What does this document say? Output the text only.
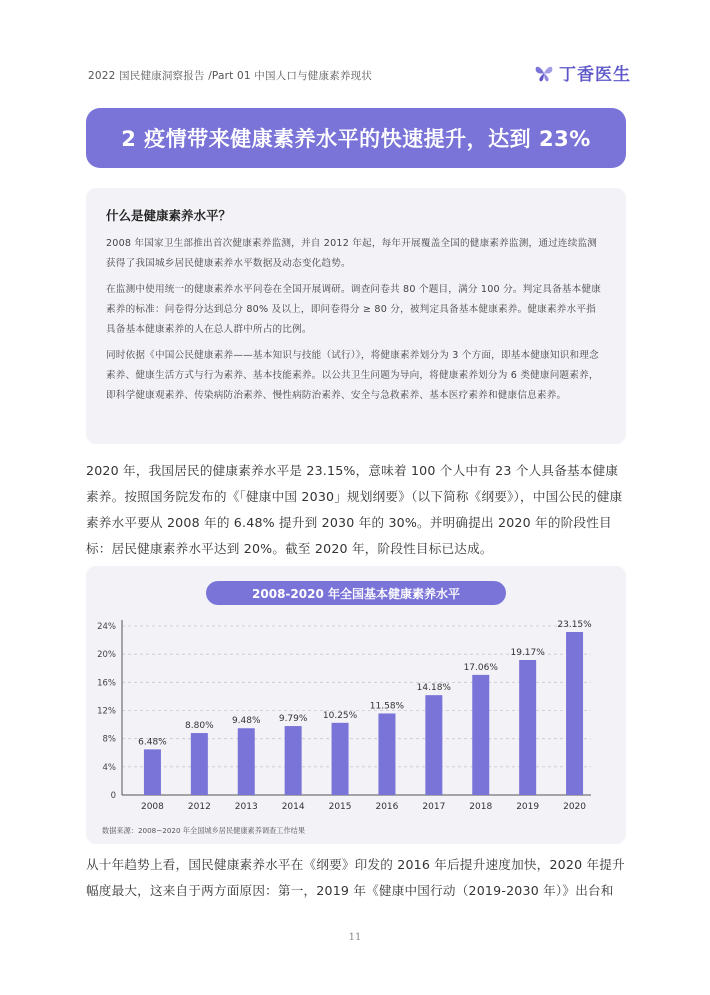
2022 国民健康洞察报告 /Part 01 中国人口与健康素养现状	丁香医生
2 疫情带来健康素养水平的快速提升，达到 23%
什么是健康素养水平？

2008 年国家卫生部推出首次健康素养监测，并自 2012 年起，每年开展覆盖全国的健康素养监测，通过连续监测获得了我国城乡居民健康素养水平数据及动态变化趋势。

在监测中使用统一的健康素养水平问卷在全国开展调研。调查问卷共 80 个题目，满分 100 分。判定具备基本健康素养的标准：问卷得分达到总分 80% 及以上，即问卷得分 ≥ 80 分，被判定具备基本健康素养。健康素养水平指具备基本健康素养的人在总人群中所占的比例。

同时依据《中国公民健康素养——基本知识与技能（试行）》，将健康素养划分为 3 个方面，即基本健康知识和理念素养、健康生活方式与行为素养、基本技能素养。以公共卫生问题为导向，将健康素养划分为 6 类健康问题素养，即科学健康观素养、传染病防治素养、慢性病防治素养、安全与急救素养、基本医疗素养和健康信息素养。

2020 年，我国居民的健康素养水平是 23.15%，意味着 100 个人中有 23 个人具备基本健康素养。按照国务院发布的《「健康中国 2030」规划纲要》（以下简称《纲要》），中国公民的健康素养水平要从 2008 年的 6.48% 提升到 2030 年的 30%。并明确提出 2020 年的阶段性目标：居民健康素养水平达到 20%。截至 2020 年，阶段性目标已达成。

0
4%
8%
12%
16%
20%
24%
6.48%
2008
8.80%
2012
9.48%
2013
9.79%
2014
10.25%
2015
11.58%
2016
14.18%
2017
17.06%
2018
19.17%
2019
23.15%
2020
2008-2020 年全国基本健康素养水平
数据来源：2008~2020 年全国城乡居民健康素养调查工作结果

从十年趋势上看，国民健康素养水平在《纲要》印发的 2016 年后提升速度加快，2020 年提升幅度最大，这来自于两方面原因：第一，2019 年《健康中国行动（2019-2030 年）》出台和

11
